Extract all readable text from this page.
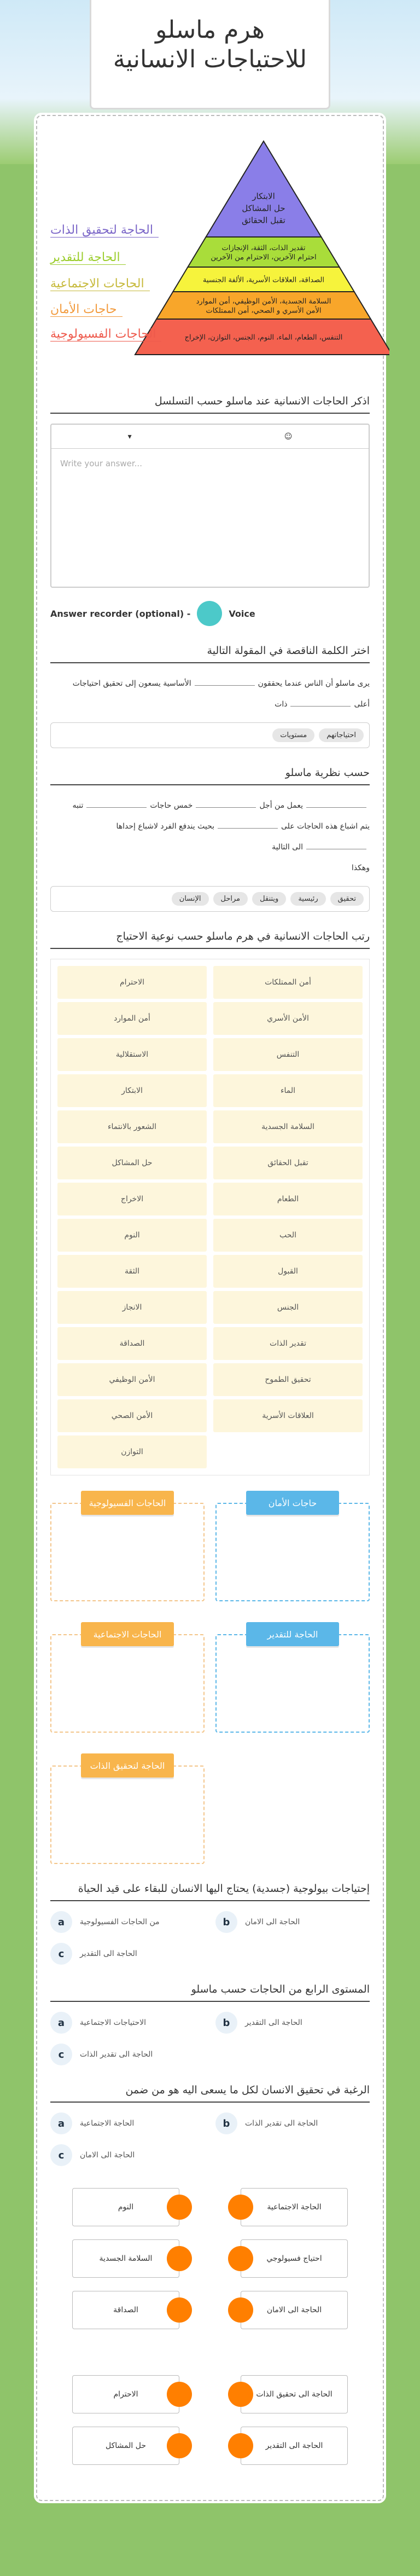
هرم ماسلو للاحتياجات الانسانية
الابتكار حل المشاكل تقبل الحقائق
تقدير الذات، الثقة، الإنجازات احترام الآخرين، الاحترام من الآخرين
الصداقة، العلاقات الأسرية، الألفة الجنسية
السلامة الجسدية، الأمن الوظيفي، أمن الموارد الأمن الأسري و الصحي، أمن الممتلكات
التنفس، الطعام، الماء، النوم، الجنس، التوازن، الإخراج
الحاجة لتحقيق الذات
الحاجة للتقدير
الحاجات الاجتماعية
حاجات الأمان
الحاجات الفسيولوجية
اذكر الحاجات الانسانية عند ماسلو حسب التسلسل
▾	☺
Write your answer...
Answer recorder (optional) -	Voice
اختر الكلمة الناقصة في المقولة التالية
يرى ماسلو أن الناس عندما يحققونالأساسية يسعون إلى تحقيق احتياجات
أعلىذات
احتياجاتهم
مستويات
حسب نظرية ماسلو
يعمل من أجلخمس حاجاتتنبه
يتم اشباع هذه الحاجات علىبحيث يندفع الفرد لاشباع إحداهاالى التالية
وهكذا
تحقيق
رئيسية
ويتنقل
مراحل
الإنسان
رتب الحاجات الانسانية في هرم ماسلو حسب نوعية الاحتياج
أمن الممتلكات
الاحترام
الأمن الأسري
أمن الموارد
التنفس
الاستقلالية
الماء
الابتكار
السلامة الجسدية
الشعور بالانتماء
تقبل الحقائق
حل المشاكل
الطعام
الاخراج
الحب
النوم
القبول
الثقة
الجنس
الانجاز
تقدير الذات
الصداقة
تحقيق الطموح
الأمن الوظيفي
العلاقات الأسرية
الأمن الصحي
التوازن
حاجات الأمان
الحاجات الفسيولوجية
الحاجة للتقدير
الحاجات الاجتماعية
الحاجة لتحقيق الذات
إحتياجات بيولوجية (جسدية) يحتاج اليها الانسان للبقاء على قيد الحياة
a	من الحاجات الفسيولوجية	b	الحاجة الى الامان
c	الحاجة الى التقدير
المستوى الرابع من الحاجات حسب ماسلو
a	الاحتياجات الاجتماعية	b	الحاجة الى التقدير
c	الحاجة الى تقدير الذات
الرغبة في تحقيق الانسان لكل ما يسعى اليه هو من ضمن
a	الحاجة الاجتماعية	b	الحاجة الى تقدير الذات
c	الحاجة الى الامان
النوم	الحاجة الاجتماعية
السلامة الجسدية	احتياج فسيولوجي
الصداقة	الحاجة الى الامان
الاحترام	الحاجة الى تحقيق الذات
حل المشاكل	الحاجة الى التقدير
